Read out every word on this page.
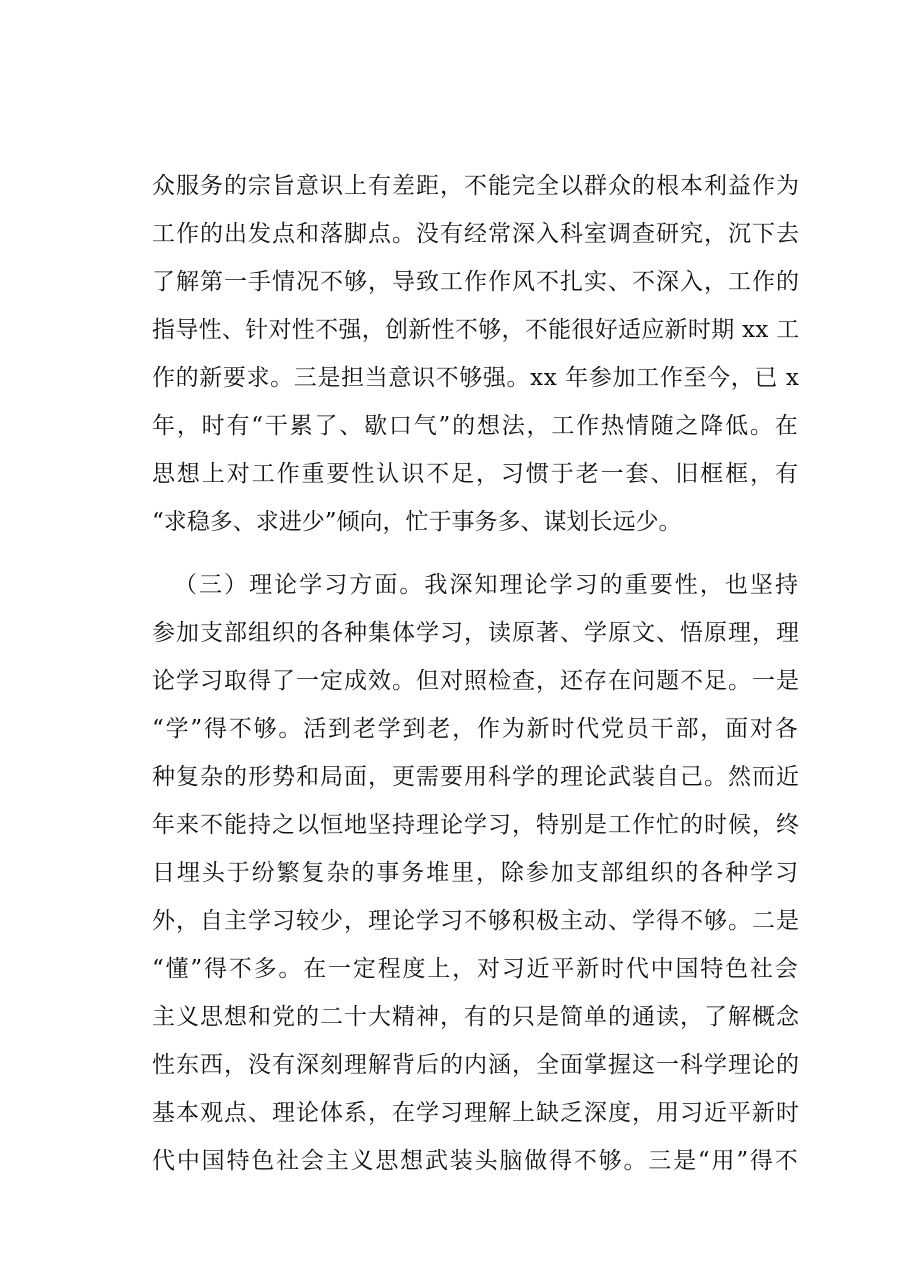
众服务的宗旨意识上有差距，不能完全以群众的根本利益作为
工作的出发点和落脚点。没有经常深入科室调查研究，沉下去
了解第一手情况不够，导致工作作风不扎实、不深入，工作的
指导性、针对性不强，创新性不够，不能很好适应新时期 xx 工
作的新要求。三是担当意识不够强。xx 年参加工作至今，已 x
年，时有“干累了、歇口气”的想法，工作热情随之降低。在
思想上对工作重要性认识不足，习惯于老一套、旧框框，有
“求稳多、求进少”倾向，忙于事务多、谋划长远少。
（三）理论学习方面。我深知理论学习的重要性，也坚持
参加支部组织的各种集体学习，读原著、学原文、悟原理，理
论学习取得了一定成效。但对照检查，还存在问题不足。一是
“学”得不够。活到老学到老，作为新时代党员干部，面对各
种复杂的形势和局面，更需要用科学的理论武装自己。然而近
年来不能持之以恒地坚持理论学习，特别是工作忙的时候，终
日埋头于纷繁复杂的事务堆里，除参加支部组织的各种学习
外，自主学习较少，理论学习不够积极主动、学得不够。二是
“懂”得不多。在一定程度上，对习近平新时代中国特色社会
主义思想和党的二十大精神，有的只是简单的通读，了解概念
性东西，没有深刻理解背后的内涵，全面掌握这一科学理论的
基本观点、理论体系，在学习理解上缺乏深度，用习近平新时
代中国特色社会主义思想武装头脑做得不够。三是“用”得不
